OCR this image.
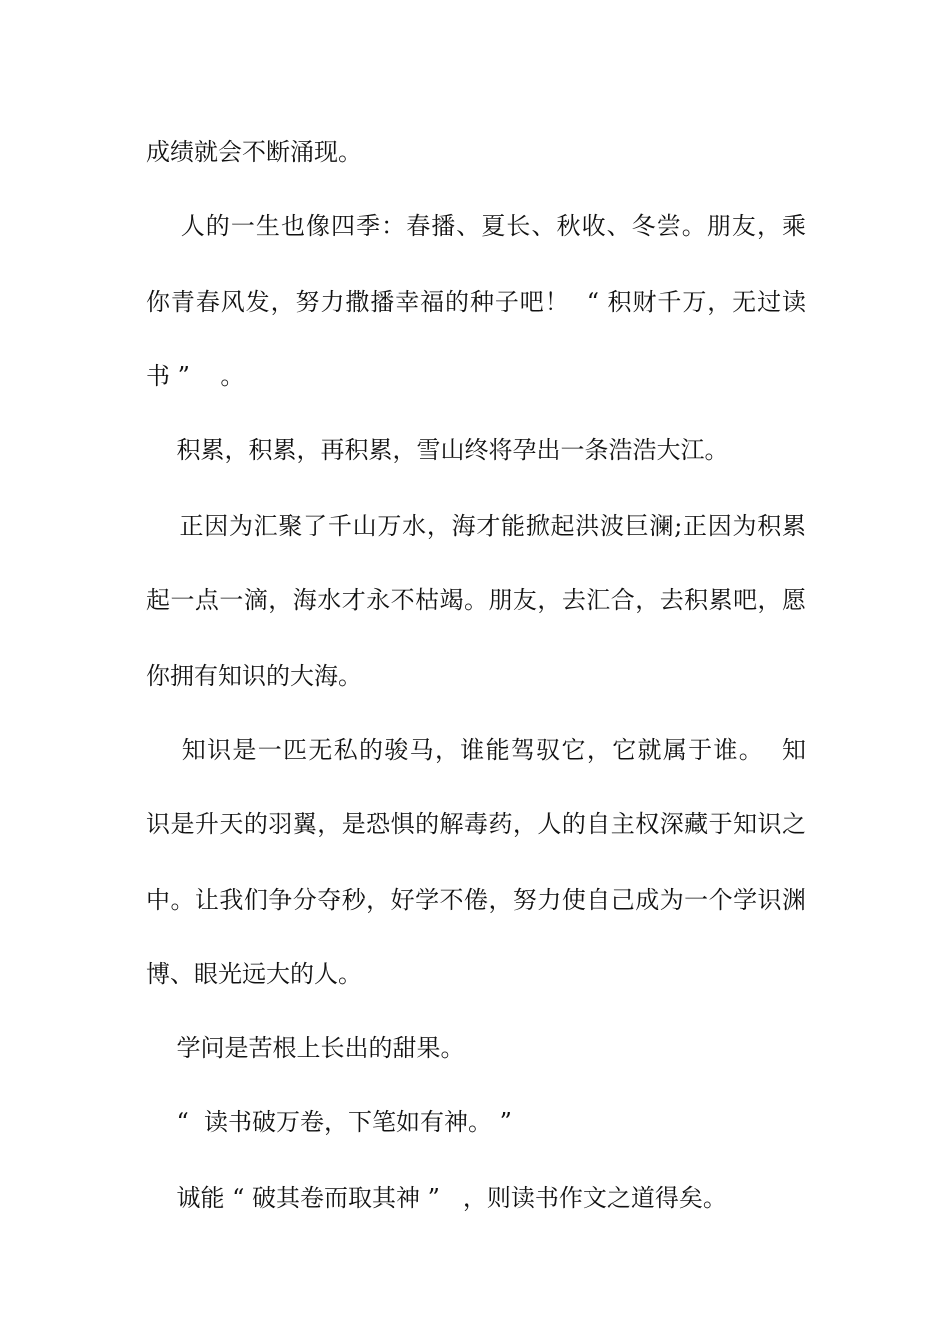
成绩就会不断涌现。
人的一生也像四季：春播、夏长、秋收、冬尝。朋友，乘
你青春风发，努力撒播幸福的种子吧！  “ 积财千万，无过读
书 ”    。
积累，积累，再积累，雪山终将孕出一条浩浩大江。
正因为汇聚了千山万水，海才能掀起洪波巨澜;正因为积累
起一点一滴，海水才永不枯竭。朋友，去汇合，去积累吧，愿
你拥有知识的大海。
知识是一匹无私的骏马，谁能驾驭它，它就属于谁。  知
识是升天的羽翼，是恐惧的解毒药，人的自主权深藏于知识之
中。让我们争分夺秒，好学不倦，努力使自己成为一个学识渊
博、眼光远大的人。
学问是苦根上长出的甜果。
“  读书破万卷，下笔如有神。 ”
诚能 “ 破其卷而取其神 ”   ，则读书作文之道得矣。
